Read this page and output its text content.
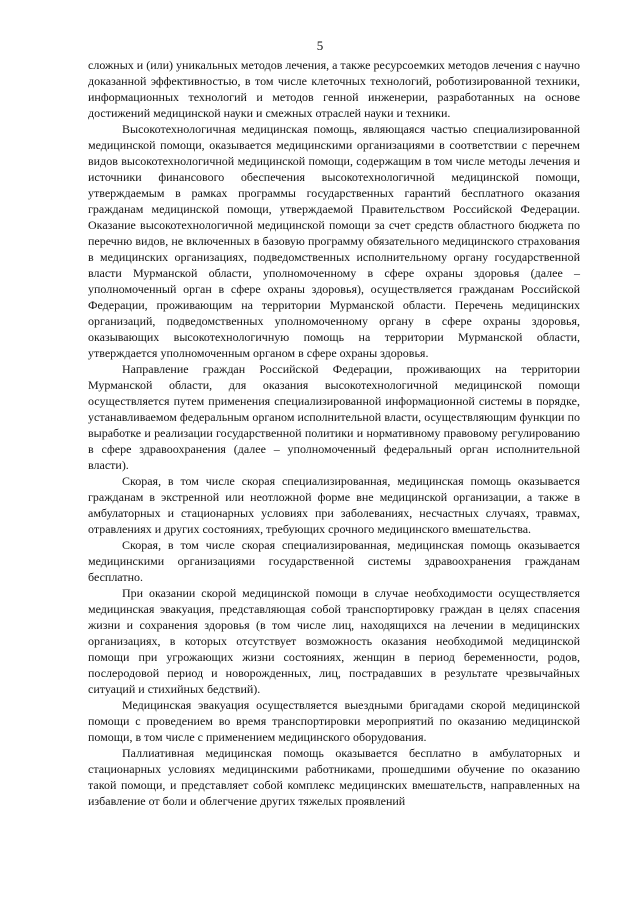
5

сложных и (или) уникальных методов лечения, а также ресурсоемких методов лечения с научно доказанной эффективностью, в том числе клеточных технологий, роботизированной техники, информационных технологий и методов генной инженерии, разработанных на основе достижений медицинской науки и смежных отраслей науки и техники.

Высокотехнологичная медицинская помощь, являющаяся частью специализированной медицинской помощи, оказывается медицинскими организациями в соответствии с перечнем видов высокотехнологичной медицинской помощи, содержащим в том числе методы лечения и источники финансового обеспечения высокотехнологичной медицинской помощи, утверждаемым в рамках программы государственных гарантий бесплатного оказания гражданам медицинской помощи, утверждаемой Правительством Российской Федерации. Оказание высокотехнологичной медицинской помощи за счет средств областного бюджета по перечню видов, не включенных в базовую программу обязательного медицинского страхования в медицинских организациях, подведомственных исполнительному органу государственной власти Мурманской области, уполномоченному в сфере охраны здоровья (далее – уполномоченный орган в сфере охраны здоровья), осуществляется гражданам Российской Федерации, проживающим на территории Мурманской области. Перечень медицинских организаций, подведомственных уполномоченному органу в сфере охраны здоровья, оказывающих высокотехнологичную помощь на территории Мурманской области, утверждается уполномоченным органом в сфере охраны здоровья.

Направление граждан Российской Федерации, проживающих на территории Мурманской области, для оказания высокотехнологичной медицинской помощи осуществляется путем применения специализированной информационной системы в порядке, устанавливаемом федеральным органом исполнительной власти, осуществляющим функции по выработке и реализации государственной политики и нормативному правовому регулированию в сфере здравоохранения (далее – уполномоченный федеральный орган исполнительной власти).

Скорая, в том числе скорая специализированная, медицинская помощь оказывается гражданам в экстренной или неотложной форме вне медицинской организации, а также в амбулаторных и стационарных условиях при заболеваниях, несчастных случаях, травмах, отравлениях и других состояниях, требующих срочного медицинского вмешательства.

Скорая, в том числе скорая специализированная, медицинская помощь оказывается медицинскими организациями государственной системы здравоохранения гражданам бесплатно.

При оказании скорой медицинской помощи в случае необходимости осуществляется медицинская эвакуация, представляющая собой транспортировку граждан в целях спасения жизни и сохранения здоровья (в том числе лиц, находящихся на лечении в медицинских организациях, в которых отсутствует возможность оказания необходимой медицинской помощи при угрожающих жизни состояниях, женщин в период беременности, родов, послеродовой период и новорожденных, лиц, пострадавших в результате чрезвычайных ситуаций и стихийных бедствий).

Медицинская эвакуация осуществляется выездными бригадами скорой медицинской помощи с проведением во время транспортировки мероприятий по оказанию медицинской помощи, в том числе с применением медицинского оборудования.

Паллиативная медицинская помощь оказывается бесплатно в амбулаторных и стационарных условиях медицинскими работниками, прошедшими обучение по оказанию такой помощи, и представляет собой комплекс медицинских вмешательств, направленных на избавление от боли и облегчение других тяжелых проявлений
